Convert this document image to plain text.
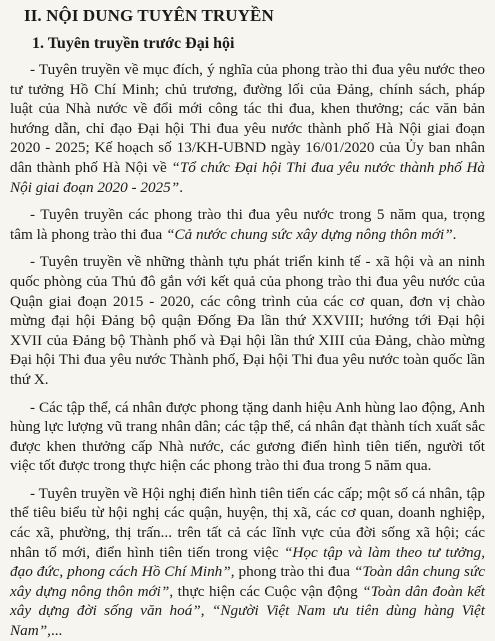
II. NỘI DUNG TUYÊN TRUYỀN
1. Tuyên truyền trước Đại hội

- Tuyên truyền về mục đích, ý nghĩa của phong trào thi đua yêu nước theo tư tưởng Hồ Chí Minh; chủ trương, đường lối của Đảng, chính sách, pháp luật của Nhà nước về đổi mới công tác thi đua, khen thưởng; các văn bản hướng dẫn, chỉ đạo Đại hội Thi đua yêu nước thành phố Hà Nội giai đoạn 2020 - 2025; Kế hoạch số 13/KH-UBND ngày 16/01/2020 của Ủy ban nhân dân thành phố Hà Nội về “Tổ chức Đại hội Thi đua yêu nước thành phố Hà Nội giai đoạn 2020 - 2025”.

- Tuyên truyền các phong trào thi đua yêu nước trong 5 năm qua, trọng tâm là phong trào thi đua “Cả nước chung sức xây dựng nông thôn mới”.

- Tuyên truyền về những thành tựu phát triển kinh tế - xã hội và an ninh quốc phòng của Thủ đô gắn với kết quả của phong trào thi đua yêu nước của Quận giai đoạn 2015 - 2020, các công trình của các cơ quan, đơn vị chào mừng đại hội Đảng bộ quận Đống Đa lần thứ XXVIII; hướng tới Đại hội XVII của Đảng bộ Thành phố và Đại hội lần thứ XIII của Đảng, chào mừng Đại hội Thi đua yêu nước Thành phố, Đại hội Thi đua yêu nước toàn quốc lần thứ X.

- Các tập thể, cá nhân được phong tặng danh hiệu Anh hùng lao động, Anh hùng lực lượng vũ trang nhân dân; các tập thể, cá nhân đạt thành tích xuất sắc được khen thưởng cấp Nhà nước, các gương điển hình tiên tiến, người tốt việc tốt được trong thực hiện các phong trào thi đua trong 5 năm qua.

- Tuyên truyền về Hội nghị điển hình tiên tiến các cấp; một số cá nhân, tập thể tiêu biểu từ hội nghị các quận, huyện, thị xã, các cơ quan, doanh nghiệp, các xã, phường, thị trấn... trên tất cả các lĩnh vực của đời sống xã hội; các nhân tố mới, điển hình tiên tiến trong việc “Học tập và làm theo tư tưởng, đạo đức, phong cách Hồ Chí Minh”, phong trào thi đua “Toàn dân chung sức xây dựng nông thôn mới”, thực hiện các Cuộc vận động “Toàn dân đoàn kết xây dựng đời sống văn hoá”, “Người Việt Nam ưu tiên dùng hàng Việt Nam”,...
